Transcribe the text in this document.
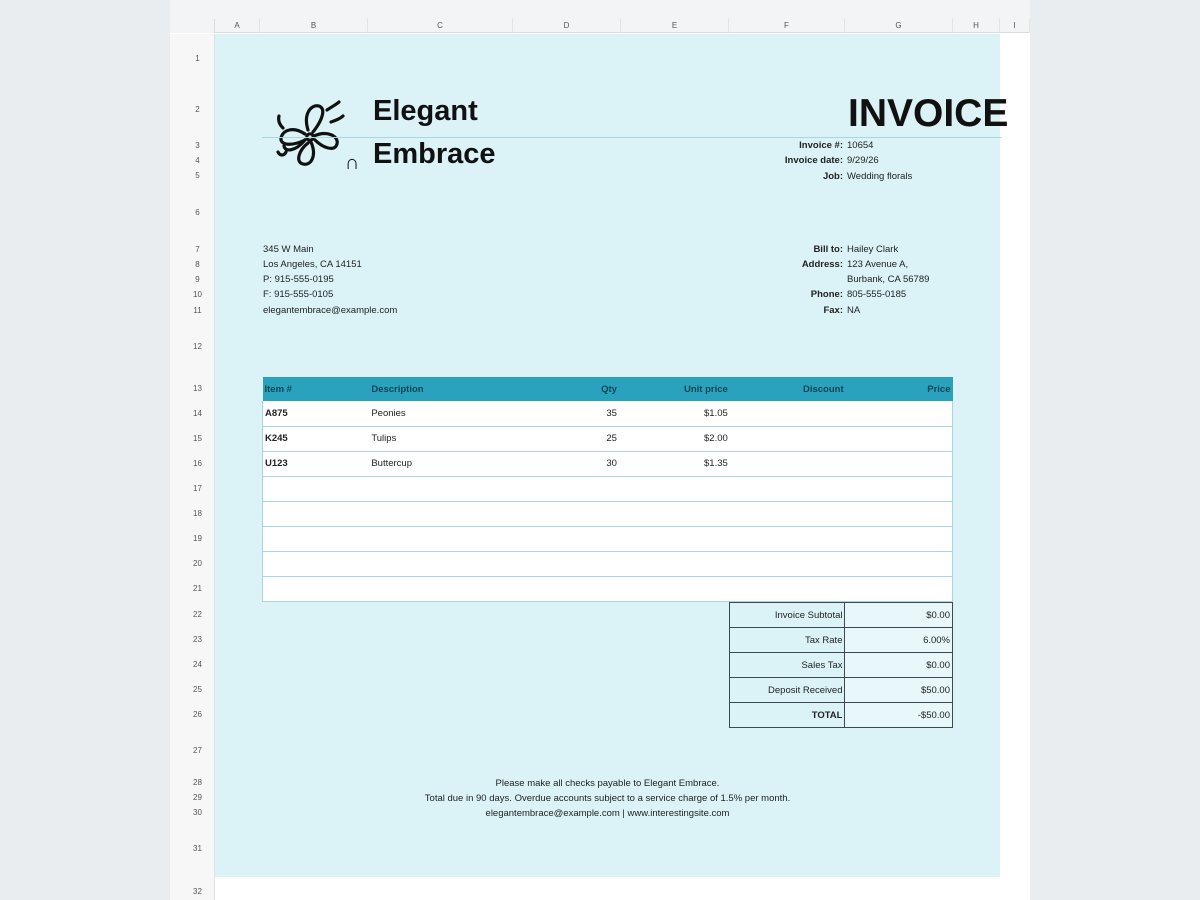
A	B	C	D	E	F	G	H	I
1
2
3
4
5
6
7
8
9
10
11
12
13
14
15
16
17
18
19
20
21
22
23
24
25
26
27
28
29
30
31
32
Elegant
Embrace
∩
INVOICE
Invoice #: 10654
Invoice date: 9/29/26
Job: Wedding florals
345 W Main
Los Angeles, CA 14151
P: 915-555-0195
F: 915-555-0105
elegantembrace@example.com
Bill to: Hailey Clark
Address: 123 Avenue A,
Burbank, CA 56789
Phone: 805-555-0185
Fax: NA
Item #	Description	Qty	Unit price	Discount	Price
A875	Peonies	35	$1.05		
K245	Tulips	25	$2.00		
U123	Buttercup	30	$1.35		

Invoice Subtotal	$0.00
Tax Rate	6.00%
Sales Tax	$0.00
Deposit Received	$50.00
TOTAL	-$50.00
Please make all checks payable to Elegant Embrace.
Total due in 90 days. Overdue accounts subject to a service charge of 1.5% per month.
elegantembrace@example.com | www.interestingsite.com
